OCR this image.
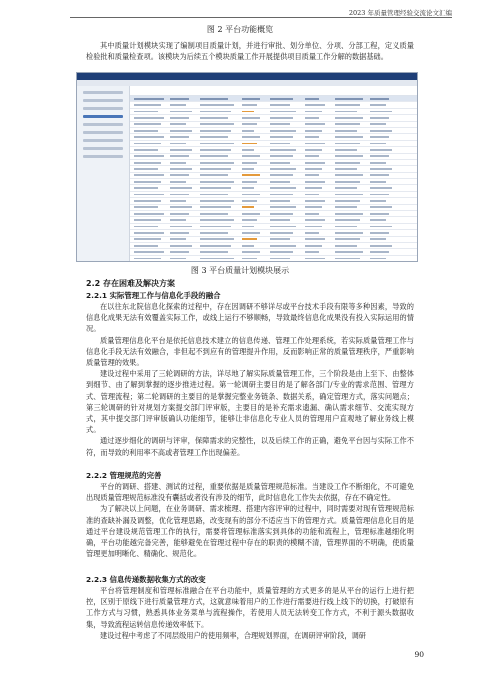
2023 年质量管理经验交流论文汇编
图 2 平台功能概览

其中质量计划模块实现了编制项目质量计划，并进行审批、划分单位、分项、分部工程，定义质量检验批和质量检查项。该模块为后续五个模块质量工作开展提供项目质量工作分解的数据基础。

图 3 平台质量计划模块展示
2.2 存在困难及解决方案
2.2.1 实际管理工作与信息化手段的融合

在以往东北院信息化探索的过程中，存在因调研不够详尽或平台技术手段有限等多种因素，导致的信息化成果无法有效覆盖实际工作，或线上运行不够顺畅，导致最终信息化成果没有投入实际运用的情况。

质量管理信息化平台是依托信息技术建立的信息传递、管理工作处理系统，若实际质量管理工作与信息化手段无法有效融合，非但起不到应有的管理提升作用，反而影响正常的质量管理秩序，严重影响质量管理的效果。

建设过程中采用了三轮调研的方法，详尽地了解实际质量管理工作，三个阶段是由上至下、由整体到细节、由了解到掌握的逐步推进过程。第一轮调研主要目的是了解各部门/专业的需求范围、管理方式、管理流程；第二轮调研的主要目的是掌握完整业务链条、数据关系，确定管理方式，落实问题点；第三轮调研的针对规划方案提交部门评审版，主要目的是补充需求遗漏、确认需求细节、交流实现方式，其中提交部门评审版确认功能细节，能够让非信息化专业人员的管理用户直观地了解业务线上模式。

通过逐步细化的调研与评审，保障需求的完整性，以及后续工作的正确，避免平台因与实际工作不符，而导致的利用率不高或者管理工作出现偏差。

2.2.2 管理规范的完善

平台的调研、搭建、测试的过程，重要依据是质量管理规范标准。当建设工作不断细化，不可避免出现质量管理规范标准没有囊括或者没有涉及的细节，此时信息化工作失去依据，存在不确定性。

为了解决以上问题，在业务调研、需求梳理、搭建内容评审的过程中，同时需要对现有管理规范标准的查缺补漏及调整，优化管理思路，改变现有的部分不适应当下的管理方式。质量管理信息化目的是通过平台建设规范管理工作的执行，需要将管理标准落实到具体的功能和流程上，管理标准越细化明确，平台功能越完备完善，能够避免在管理过程中存在的职责的模糊不清，管理界面的不明确，使质量管理更加明晰化、精确化、规范化。

2.2.3 信息传递数据收集方式的改变

平台将管理制度和管理标准融合在平台功能中，质量管理的方式更多的是从平台的运行上进行把控，区别于原线下进行质量管理方式，这就意味着用户的工作进行需要进行线上线下的切换，打破原有工作方式与习惯，熟悉具体业务菜单与流程操作，若使用人员无法转变工作方式，不利于源头数据收集，导致流程运转信息传递效率低下。

建设过程中考虑了不同层级用户的使用频率，合理规划界面，在调研评审阶段，调研

90
